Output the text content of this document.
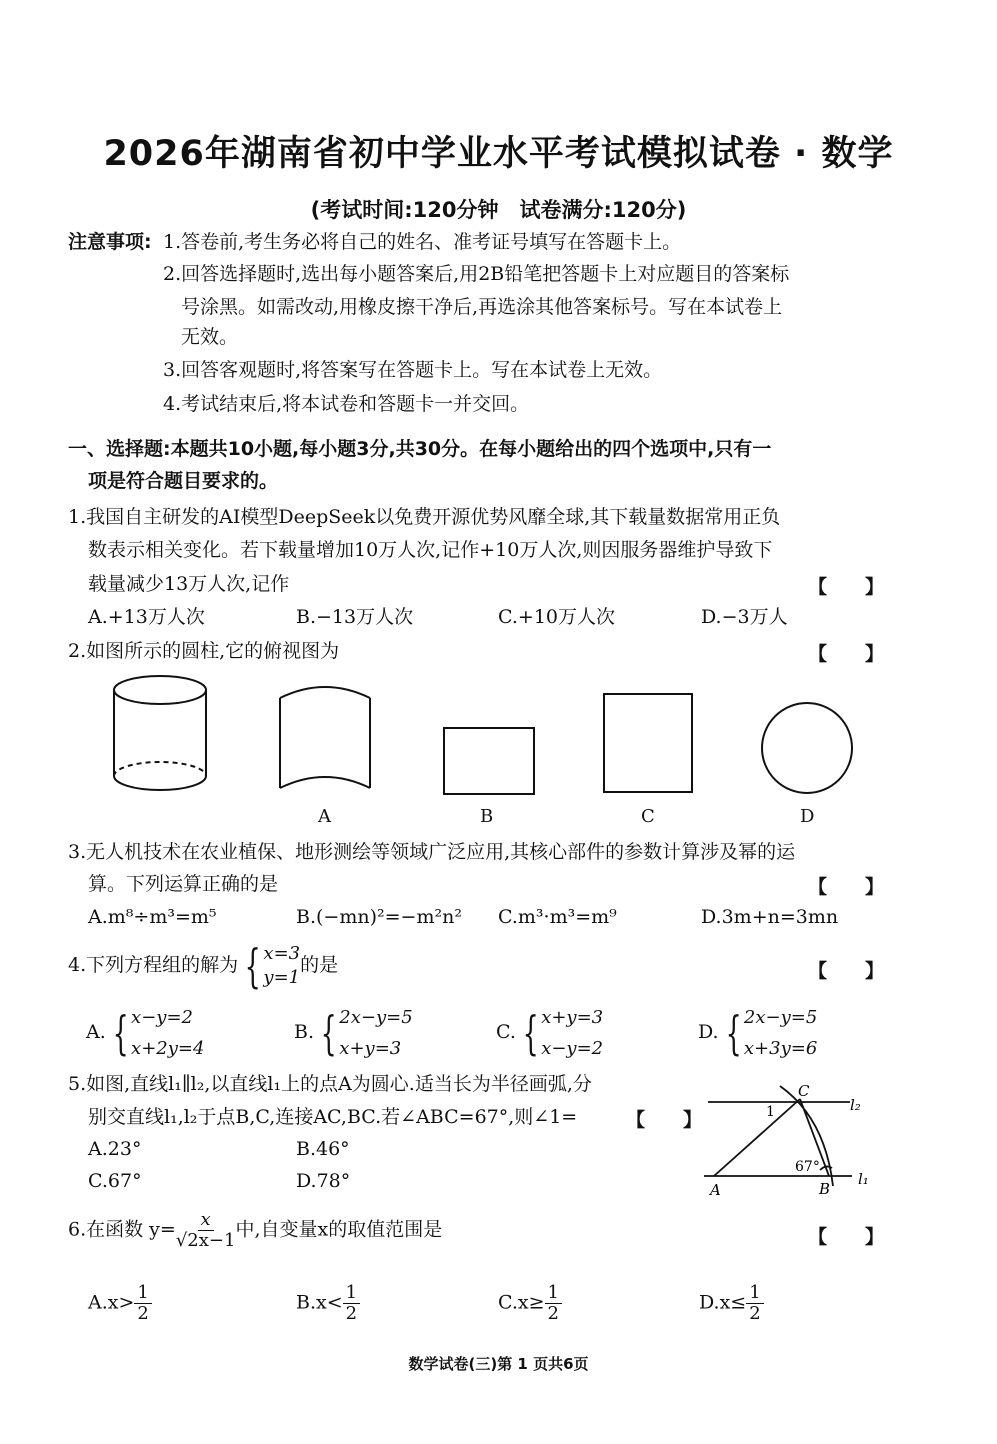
2026年湖南省初中学业水平考试模拟试卷 · 数学
(考试时间:120分钟　试卷满分:120分)
注意事项: 1.答卷前,考生务必将自己的姓名、准考证号填写在答题卡上。
2.回答选择题时,选出每小题答案后,用2B铅笔把答题卡上对应题目的答案标
号涂黑。如需改动,用橡皮擦干净后,再选涂其他答案标号。写在本试卷上
无效。
3.回答客观题时,将答案写在答题卡上。写在本试卷上无效。
4.考试结束后,将本试卷和答题卡一并交回。
一、选择题:本题共10小题,每小题3分,共30分。在每小题给出的四个选项中,只有一
项是符合题目要求的。
1.我国自主研发的AI模型DeepSeek以免费开源优势风靡全球,其下载量数据常用正负
数表示相关变化。若下载量增加10万人次,记作+10万人次,则因服务器维护导致下
载量减少13万人次,记作	【　　】
A.+13万人次	B.−13万人次	C.+10万人次	D.−3万人
2.如图所示的圆柱,它的俯视图为	【　　】
A	B	C	D
3.无人机技术在农业植保、地形测绘等领域广泛应用,其核心部件的参数计算涉及幂的运
算。下列运算正确的是	【　　】
A.m⁸÷m³=m⁵	B.(−mn)²=−m²n² C.m³·m³=m⁹	D.3m+n=3mn
4.下列方程组的解为 { x=3
y=1
的是	【　　】
A. { x−y=2
x+2y=4
B. { 2x−y=5
x+y=3
C. { x+y=3
x−y=2
D. { 2x−y=5
x+3y=6
5.如图,直线l₁∥l₂,以直线l₁上的点A为圆心.适当长为半径画弧,分
别交直线l₁,l₂于点B,C,连接AC,BC.若∠ABC=67°,则∠1=	【　　】
A.23°	B.46°
C.67°	D.78°
C
A	B
l₂
l₁
1
67°
6.在函数 $y= \frac{x}{√2x-1}$ 中,自变量x的取值范围是	【　　】
$A.x> \frac{1}{2}$	$B.x< \frac{1}{2}$	$C.x\ge \frac{1}{2}$	$D.x\le \frac{1}{2}$
数学试卷(三)第 1 页共6页
